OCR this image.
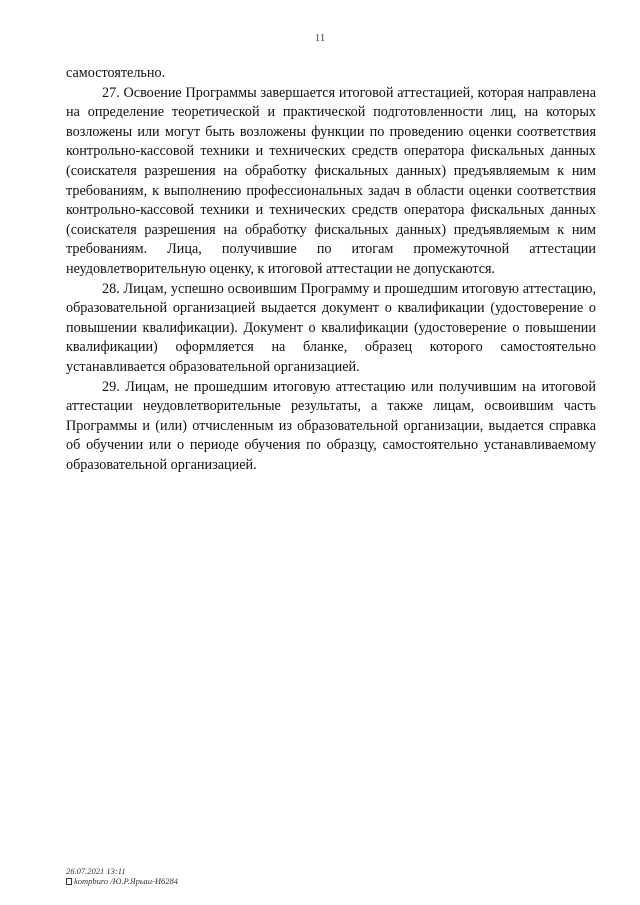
11

самостоятельно.

27. Освоение Программы завершается итоговой аттестацией, которая направлена на определение теоретической и практической подготовленности лиц, на которых возложены или могут быть возложены функции по проведению оценки соответствия контрольно-кассовой техники и технических средств оператора фискальных данных (соискателя разрешения на обработку фискальных данных) предъявляемым к ним требованиям, к выполнению профессиональных задач в области оценки соответствия контрольно-кассовой техники и технических средств оператора фискальных данных (соискателя разрешения на обработку фискальных данных) предъявляемым к ним требованиям. Лица, получившие по итогам промежуточной аттестации неудовлетворительную оценку, к итоговой аттестации не допускаются.

28. Лицам, успешно освоившим Программу и прошедшим итоговую аттестацию, образовательной организацией выдается документ о квалификации (удостоверение о повышении квалификации). Документ о квалификации (удостоверение о повышении квалификации) оформляется на бланке, образец которого самостоятельно устанавливается образовательной организацией.

29. Лицам, не прошедшим итоговую аттестацию или получившим на итоговой аттестации неудовлетворительные результаты, а также лицам, освоившим часть Программы и (или) отчисленным из образовательной организации, выдается справка об обучении или о периоде обучения по образцу, самостоятельно устанавливаемому образовательной организацией.

26.07.2021 13:11
kompburo /Ю.Р.Ярыш-И6284
